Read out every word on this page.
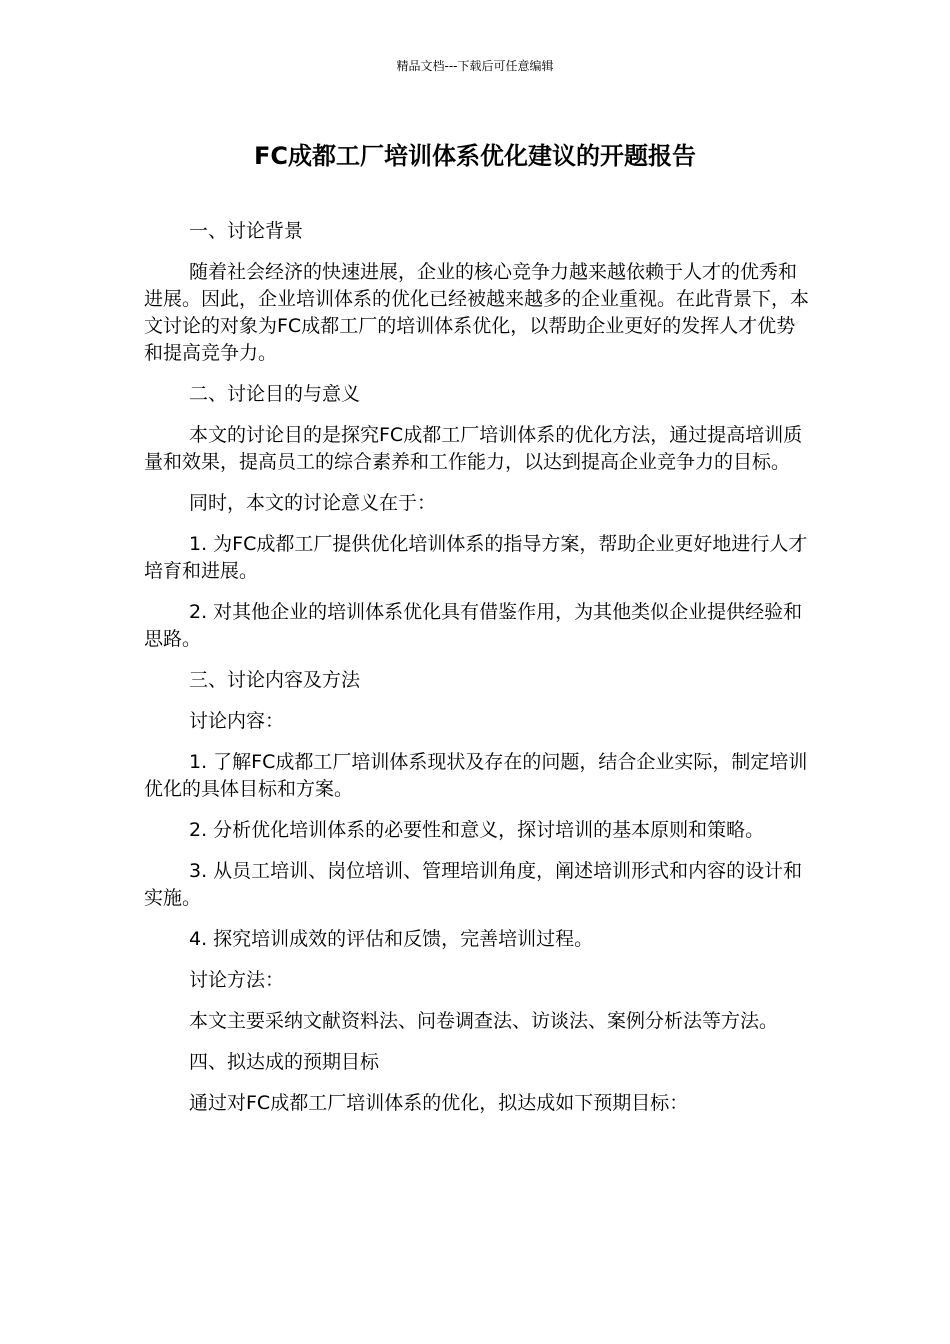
精品文档---下载后可任意编辑
FC成都工厂培训体系优化建议的开题报告

一、讨论背景

随着社会经济的快速进展，企业的核心竞争力越来越依赖于人才的优秀和进展。因此，企业培训体系的优化已经被越来越多的企业重视。在此背景下，本文讨论的对象为FC成都工厂的培训体系优化，以帮助企业更好的发挥人才优势和提高竞争力。

二、讨论目的与意义

本文的讨论目的是探究FC成都工厂培训体系的优化方法，通过提高培训质量和效果，提高员工的综合素养和工作能力，以达到提高企业竞争力的目标。

同时，本文的讨论意义在于：

1. 为FC成都工厂提供优化培训体系的指导方案，帮助企业更好地进行人才培育和进展。

2. 对其他企业的培训体系优化具有借鉴作用，为其他类似企业提供经验和思路。

三、讨论内容及方法

讨论内容：

1. 了解FC成都工厂培训体系现状及存在的问题，结合企业实际，制定培训优化的具体目标和方案。

2. 分析优化培训体系的必要性和意义，探讨培训的基本原则和策略。

3. 从员工培训、岗位培训、管理培训角度，阐述培训形式和内容的设计和实施。

4. 探究培训成效的评估和反馈，完善培训过程。

讨论方法：

本文主要采纳文献资料法、问卷调查法、访谈法、案例分析法等方法。

四、拟达成的预期目标

通过对FC成都工厂培训体系的优化，拟达成如下预期目标：
